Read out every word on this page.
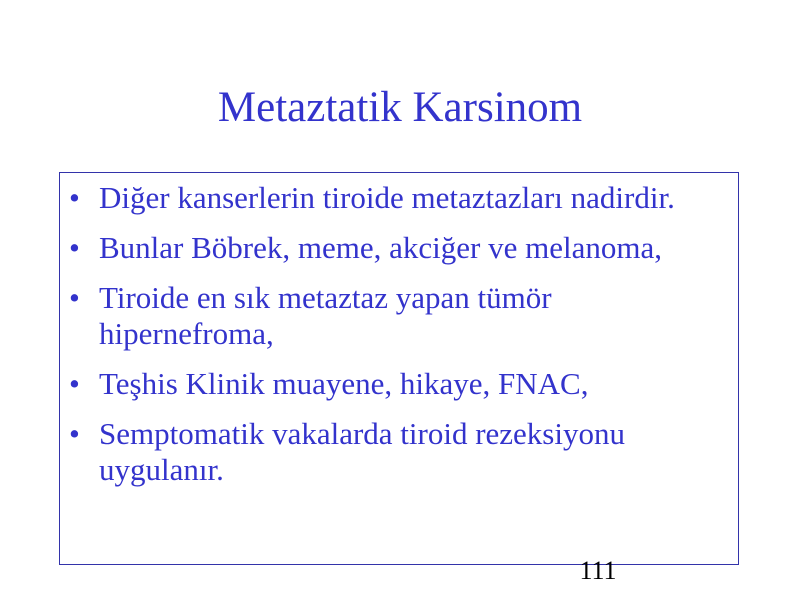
Metaztatik Karsinom
• Diğer kanserlerin tiroide metaztazları nadirdir.
• Bunlar Böbrek, meme, akciğer ve melanoma,
• Tiroide en sık metaztaz yapan tümör hipernefroma,
• Teşhis Klinik muayene, hikaye, FNAC,
• Semptomatik vakalarda tiroid rezeksiyonu uygulanır.
111
